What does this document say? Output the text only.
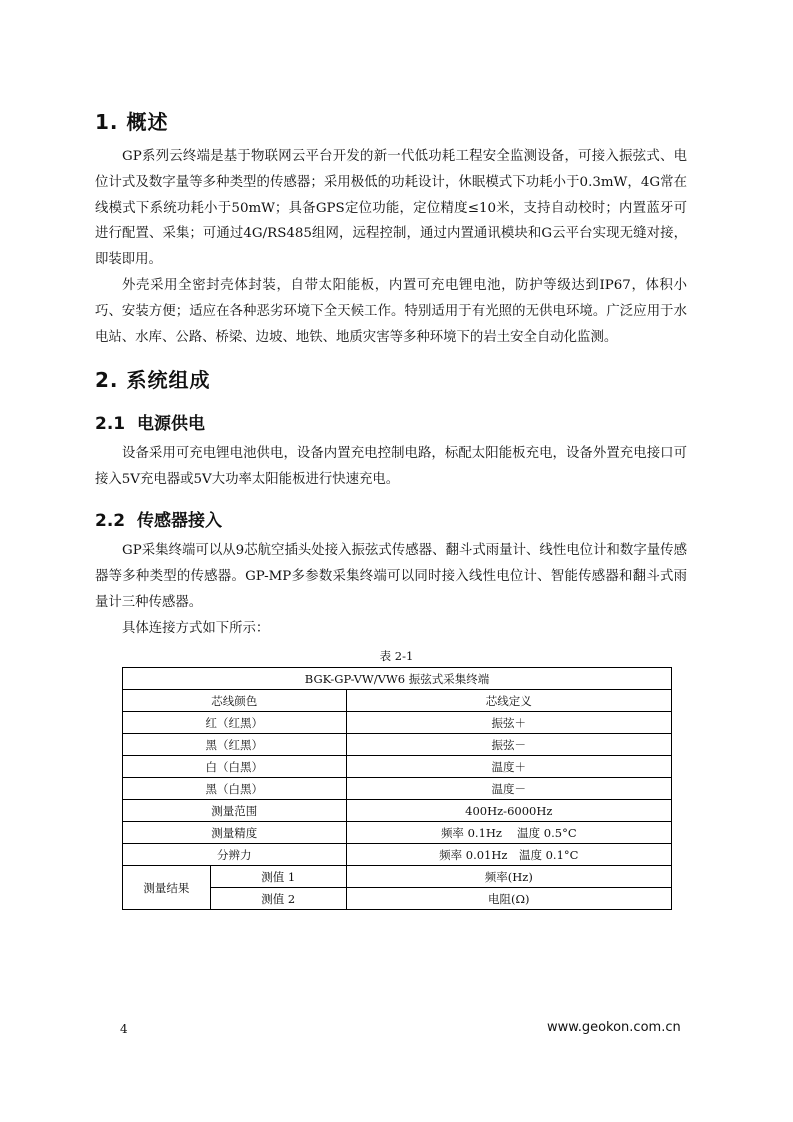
1. 概述
GP系列云终端是基于物联网云平台开发的新一代低功耗工程安全监测设备，可接入振弦式、电位计式及数字量等多种类型的传感器；采用极低的功耗设计，休眠模式下功耗小于0.3mW，4G常在线模式下系统功耗小于50mW；具备GPS定位功能，定位精度≤10米，支持自动校时；内置蓝牙可进行配置、采集；可通过4G/RS485组网，远程控制，通过内置通讯模块和G云平台实现无缝对接，即装即用。
外壳采用全密封壳体封装，自带太阳能板，内置可充电锂电池，防护等级达到IP67，体积小巧、安装方便；适应在各种恶劣环境下全天候工作。特别适用于有光照的无供电环境。广泛应用于水电站、水库、公路、桥梁、边坡、地铁、地质灾害等多种环境下的岩土安全自动化监测。
2. 系统组成
2.1 电源供电
设备采用可充电锂电池供电，设备内置充电控制电路，标配太阳能板充电，设备外置充电接口可接入5V充电器或5V大功率太阳能板进行快速充电。
2.2 传感器接入
GP采集终端可以从9芯航空插头处接入振弦式传感器、翻斗式雨量计、线性电位计和数字量传感器等多种类型的传感器。GP-MP多参数采集终端可以同时接入线性电位计、智能传感器和翻斗式雨量计三种传感器。
具体连接方式如下所示：
表 2-1
BGK-GP-VW/VW6 振弦式采集终端		
芯线颜色		芯线定义
红（红黑）		振弦＋
黑（红黑）		振弦－
白（白黑）		温度＋
黑（白黑）		温度－
测量范围		400Hz-6000Hz
测量精度		频率 0.1Hz　 温度 0.5°C
分辨力		频率 0.01Hz　温度 0.1°C
测量结果	测值 1	频率(Hz)
	测值 2	电阻(Ω)
4	www.geokon.com.cn
